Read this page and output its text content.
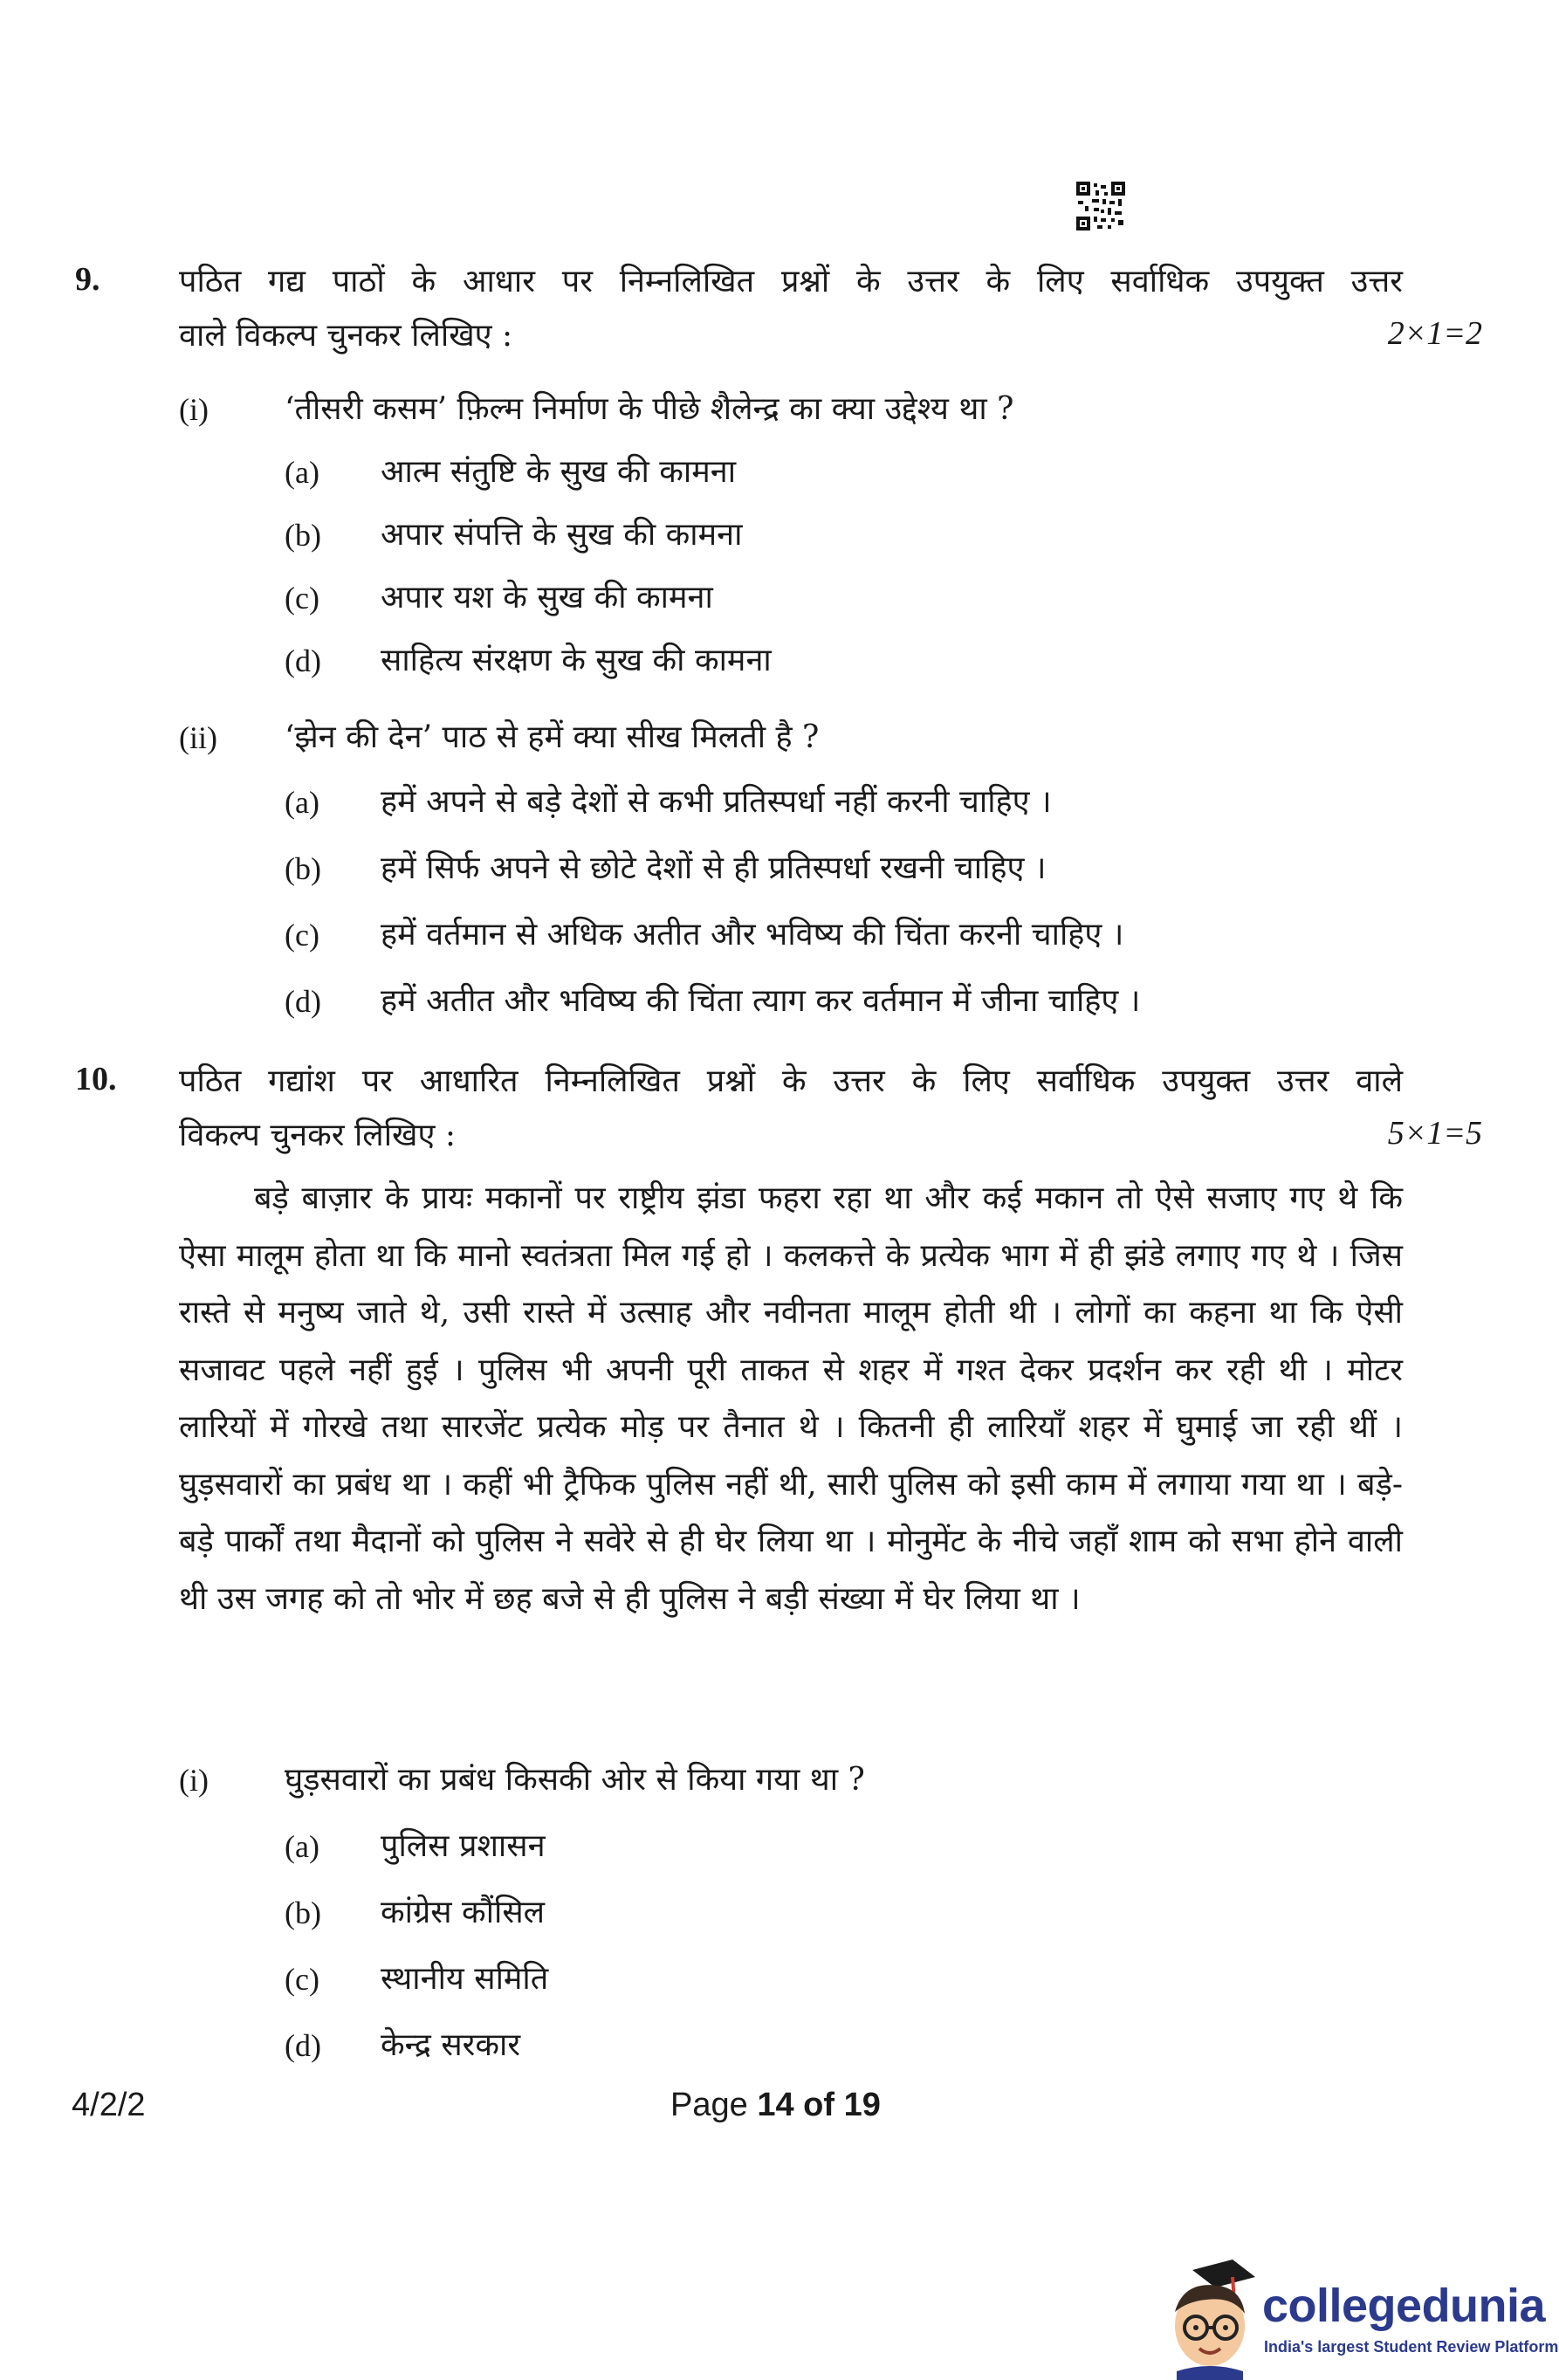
9.	पठित गद्य पाठों के आधार पर निम्नलिखित प्रश्नों के उत्तर के लिए सर्वाधिक उपयुक्त उत्तर
वाले विकल्प चुनकर लिखिए :	2×1=2
(i) ‘तीसरी कसम’ फ़िल्म निर्माण के पीछे शैलेन्द्र का क्या उद्देश्य था ?
(a) आत्म संतुष्टि के सुख की कामना
(b) अपार संपत्ति के सुख की कामना
(c) अपार यश के सुख की कामना
(d) साहित्य संरक्षण के सुख की कामना
(ii) ‘झेन की देन’ पाठ से हमें क्या सीख मिलती है ?
(a) हमें अपने से बड़े देशों से कभी प्रतिस्पर्धा नहीं करनी चाहिए ।
(b) हमें सिर्फ अपने से छोटे देशों से ही प्रतिस्पर्धा रखनी चाहिए ।
(c) हमें वर्तमान से अधिक अतीत और भविष्य की चिंता करनी चाहिए ।
(d) हमें अतीत और भविष्य की चिंता त्याग कर वर्तमान में जीना चाहिए ।
10. पठित गद्यांश पर आधारित निम्नलिखित प्रश्नों के उत्तर के लिए सर्वाधिक उपयुक्त उत्तर वाले
विकल्प चुनकर लिखिए :	5×1=5

बड़े बाज़ार के प्रायः मकानों पर राष्ट्रीय झंडा फहरा रहा था और कई मकान तो ऐसे सजाए गए थे कि ऐसा मालूम होता था कि मानो स्वतंत्रता मिल गई हो । कलकत्ते के प्रत्येक भाग में ही झंडे लगाए गए थे । जिस रास्ते से मनुष्य जाते थे, उसी रास्ते में उत्साह और नवीनता मालूम होती थी । लोगों का कहना था कि ऐसी सजावट पहले नहीं हुई । पुलिस भी अपनी पूरी ताकत से शहर में गश्त देकर प्रदर्शन कर रही थी । मोटर लारियों में गोरखे तथा सारजेंट प्रत्येक मोड़ पर तैनात थे । कितनी ही लारियाँ शहर में घुमाई जा रही थीं । घुड़सवारों का प्रबंध था । कहीं भी ट्रैफिक पुलिस नहीं थी, सारी पुलिस को इसी काम में लगाया गया था । बड़े-बड़े पार्कों तथा मैदानों को पुलिस ने सवेरे से ही घेर लिया था । मोनुमेंट के नीचे जहाँ शाम को सभा होने वाली थी उस जगह को तो भोर में छह बजे से ही पुलिस ने बड़ी संख्या में घेर लिया था ।

(i) घुड़सवारों का प्रबंध किसकी ओर से किया गया था ?
(a) पुलिस प्रशासन
(b) कांग्रेस कौंसिल
(c) स्थानीय समिति
(d) केन्द्र सरकार
4/2/2	Page 14 of 19
collegedunia
India's largest Student Review Platform
